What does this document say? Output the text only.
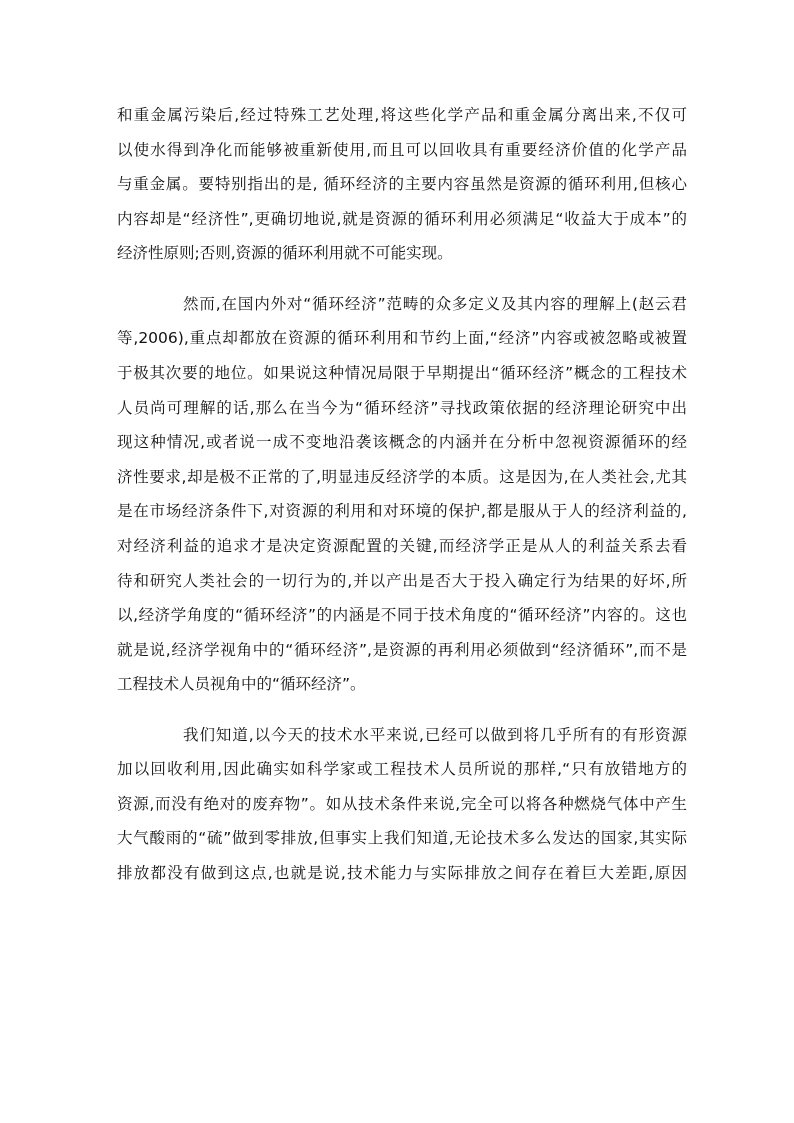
和重金属污染后,经过特殊工艺处理,将这些化学产品和重金属分离出来,不仅可
以使水得到净化而能够被重新使用,而且可以回收具有重要经济价值的化学产品
与重金属。要特别指出的是, 循环经济的主要内容虽然是资源的循环利用,但核心
内容却是“经济性”,更确切地说,就是资源的循环利用必须满足“收益大于成本”的
经济性原则;否则,资源的循环利用就不可能实现。
然而,在国内外对“循环经济”范畴的众多定义及其内容的理解上(赵云君
等,2006),重点却都放在资源的循环利用和节约上面,“经济”内容或被忽略或被置
于极其次要的地位。如果说这种情况局限于早期提出“循环经济”概念的工程技术
人员尚可理解的话,那么在当今为“循环经济”寻找政策依据的经济理论研究中出
现这种情况,或者说一成不变地沿袭该概念的内涵并在分析中忽视资源循环的经
济性要求,却是极不正常的了,明显违反经济学的本质。这是因为,在人类社会,尤其
是在市场经济条件下,对资源的利用和对环境的保护,都是服从于人的经济利益的,
对经济利益的追求才是决定资源配置的关键,而经济学正是从人的利益关系去看
待和研究人类社会的一切行为的,并以产出是否大于投入确定行为结果的好坏,所
以,经济学角度的“循环经济”的内涵是不同于技术角度的“循环经济”内容的。这也
就是说,经济学视角中的“循环经济”,是资源的再利用必须做到“经济循环”,而不是
工程技术人员视角中的“循环经济”。
我们知道,以今天的技术水平来说,已经可以做到将几乎所有的有形资源
加以回收利用,因此确实如科学家或工程技术人员所说的那样,“只有放错地方的
资源,而没有绝对的废弃物”。如从技术条件来说,完全可以将各种燃烧气体中产生
大气酸雨的“硫”做到零排放,但事实上我们知道,无论技术多么发达的国家,其实际
排放都没有做到这点,也就是说,技术能力与实际排放之间存在着巨大差距,原因
